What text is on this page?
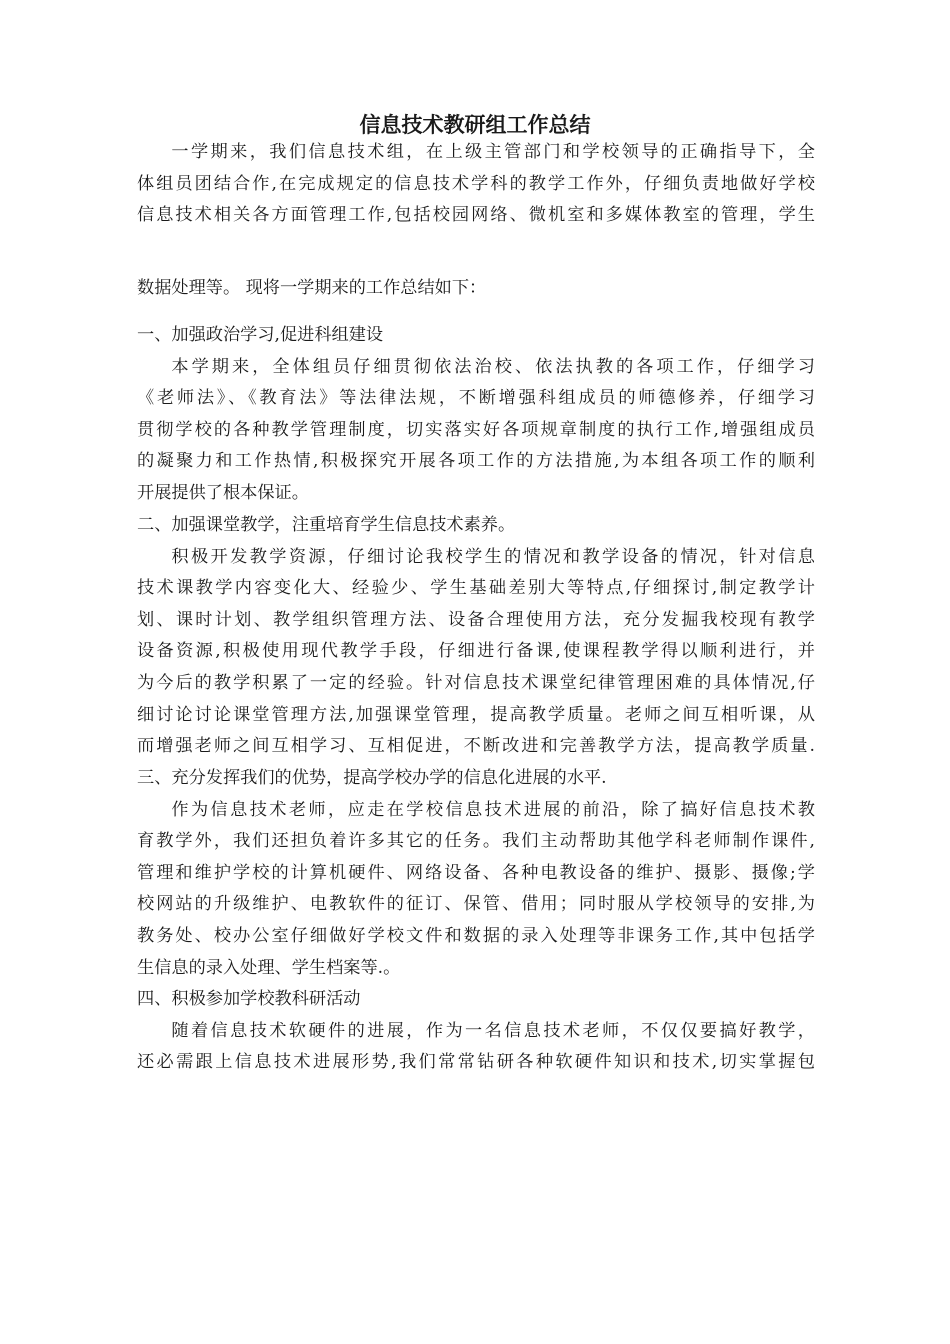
信息技术教研组工作总结
一学期来，我们信息技术组，在上级主管部门和学校领导的正确指导下，全
体组员团结合作,在完成规定的信息技术学科的教学工作外，仔细负责地做好学校
信息技术相关各方面管理工作,包括校园网络、微机室和多媒体教室的管理，学生
数据处理等。 现将一学期来的工作总结如下：
一、加强政治学习,促进科组建设
本学期来，全体组员仔细贯彻依法治校、依法执教的各项工作，仔细学习
《老师法》、《教育法》等法律法规，不断增强科组成员的师德修养，仔细学习
贯彻学校的各种教学管理制度，切实落实好各项规章制度的执行工作,增强组成员
的凝聚力和工作热情,积极探究开展各项工作的方法措施,为本组各项工作的顺利
开展提供了根本保证。
二、加强课堂教学，注重培育学生信息技术素养。
积极开发教学资源，仔细讨论我校学生的情况和教学设备的情况，针对信息
技术课教学内容变化大、经验少、学生基础差别大等特点,仔细探讨,制定教学计
划、课时计划、教学组织管理方法、设备合理使用方法，充分发掘我校现有教学
设备资源,积极使用现代教学手段，仔细进行备课,使课程教学得以顺利进行，并
为今后的教学积累了一定的经验。针对信息技术课堂纪律管理困难的具体情况,仔
细讨论讨论课堂管理方法,加强课堂管理，提高教学质量。老师之间互相听课，从
而增强老师之间互相学习、互相促进，不断改进和完善教学方法，提高教学质量.
三、充分发挥我们的优势，提高学校办学的信息化进展的水平.
作为信息技术老师，应走在学校信息技术进展的前沿，除了搞好信息技术教
育教学外，我们还担负着许多其它的任务。我们主动帮助其他学科老师制作课件,
管理和维护学校的计算机硬件、网络设备、各种电教设备的维护、摄影、摄像;学
校网站的升级维护、电教软件的征订、保管、借用；同时服从学校领导的安排,为
教务处、校办公室仔细做好学校文件和数据的录入处理等非课务工作,其中包括学
生信息的录入处理、学生档案等.。
四、积极参加学校教科研活动
随着信息技术软硬件的进展，作为一名信息技术老师，不仅仅要搞好教学，
还必需跟上信息技术进展形势,我们常常钻研各种软硬件知识和技术,切实掌握包
